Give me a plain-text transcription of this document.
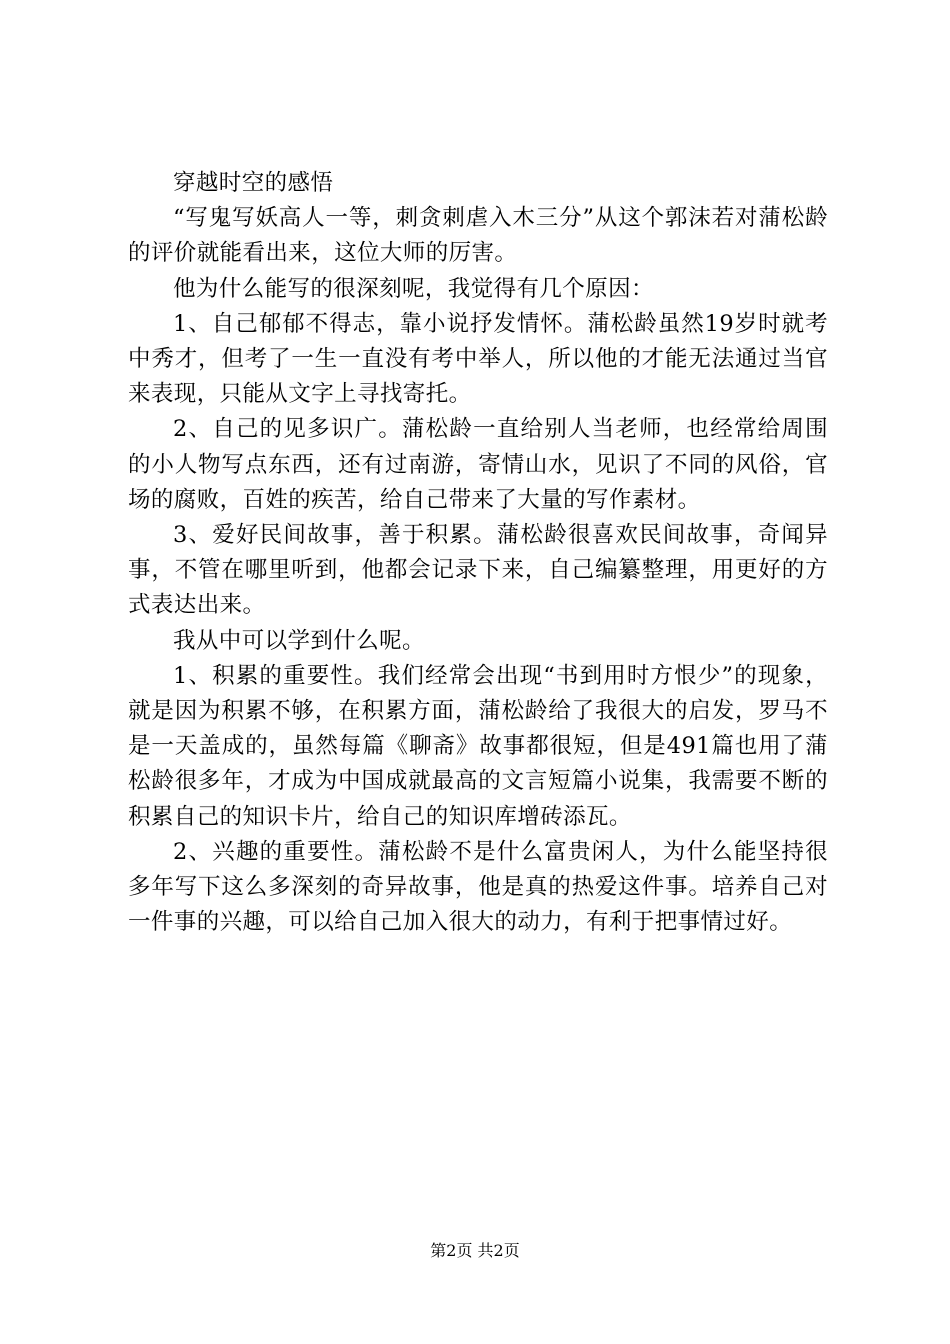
穿越时空的感悟

“写鬼写妖高人一等，刺贪刺虐入木三分”从这个郭沫若对蒲松龄的评价就能看出来，这位大师的厉害。

他为什么能写的很深刻呢，我觉得有几个原因：

1、自己郁郁不得志，靠小说抒发情怀。蒲松龄虽然19岁时就考中秀才，但考了一生一直没有考中举人，所以他的才能无法通过当官来表现，只能从文字上寻找寄托。

2、自己的见多识广。蒲松龄一直给别人当老师，也经常给周围的小人物写点东西，还有过南游，寄情山水，见识了不同的风俗，官场的腐败，百姓的疾苦，给自己带来了大量的写作素材。

3、爱好民间故事，善于积累。蒲松龄很喜欢民间故事，奇闻异事，不管在哪里听到，他都会记录下来，自己编纂整理，用更好的方式表达出来。

我从中可以学到什么呢。

1、积累的重要性。我们经常会出现“书到用时方恨少”的现象，就是因为积累不够，在积累方面，蒲松龄给了我很大的启发，罗马不是一天盖成的，虽然每篇《聊斋》故事都很短，但是491篇也用了蒲松龄很多年，才成为中国成就最高的文言短篇小说集，我需要不断的积累自己的知识卡片，给自己的知识库增砖添瓦。

2、兴趣的重要性。蒲松龄不是什么富贵闲人，为什么能坚持很多年写下这么多深刻的奇异故事，他是真的热爱这件事。培养自己对一件事的兴趣，可以给自己加入很大的动力，有利于把事情过好。

第2页 共2页
